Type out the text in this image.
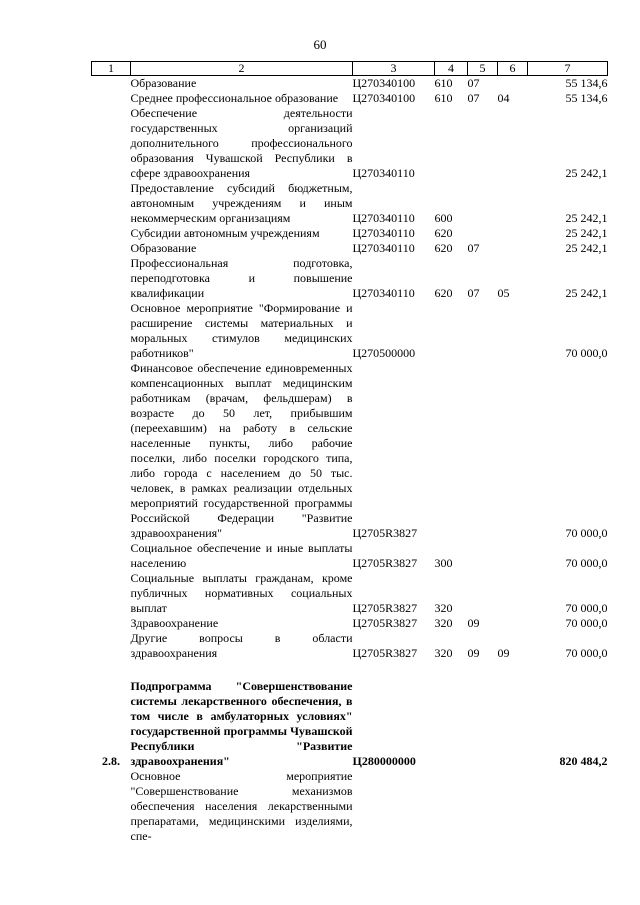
60
1	2	3	4	5	6	7
	Образование	Ц270340100	610	07		55 134,6
	Среднее профессиональное образование	Ц270340100	610	07	04	55 134,6
	Обеспечение деятельности государственных организаций дополнительного профессионального образования Чувашской Республики в сфере здравоохранения	Ц270340110				25 242,1
	Предоставление субсидий бюджетным, автономным учреждениям и иным некоммерческим организациям	Ц270340110	600			25 242,1
	Субсидии автономным учреждениям	Ц270340110	620			25 242,1
	Образование	Ц270340110	620	07		25 242,1
	Профессиональная подготовка, переподготовка и повышение квалификации	Ц270340110	620	07	05	25 242,1
	Основное мероприятие "Формирование и расширение системы материальных и моральных стимулов медицинских работников"	Ц270500000				70 000,0
	Финансовое обеспечение единовременных компенсационных выплат медицинским работникам (врачам, фельдшерам) в возрасте до 50 лет, прибывшим (переехавшим) на работу в сельские населенные пункты, либо рабочие поселки, либо поселки городского типа, либо города с населением до 50 тыс. человек, в рамках реализации отдельных мероприятий государственной программы Российской Федерации "Развитие здравоохранения"	Ц2705R3827				70 000,0
	Социальное обеспечение и иные выплаты населению	Ц2705R3827	300			70 000,0
	Социальные выплаты гражданам, кроме публичных нормативных социальных выплат	Ц2705R3827	320			70 000,0
	Здравоохранение	Ц2705R3827	320	09		70 000,0
	Другие вопросы в области здравоохранения	Ц2705R3827	320	09	09	70 000,0
2.8.	Подпрограмма "Совершенствование системы лекарственного обеспечения, в том числе в амбулаторных условиях" государственной программы Чувашской Республики "Развитие здравоохранения"	Ц280000000				820 484,2
	Основное мероприятие "Совершенствование механизмов обеспечения населения лекарственными препаратами, медицинскими изделиями, спе-					
